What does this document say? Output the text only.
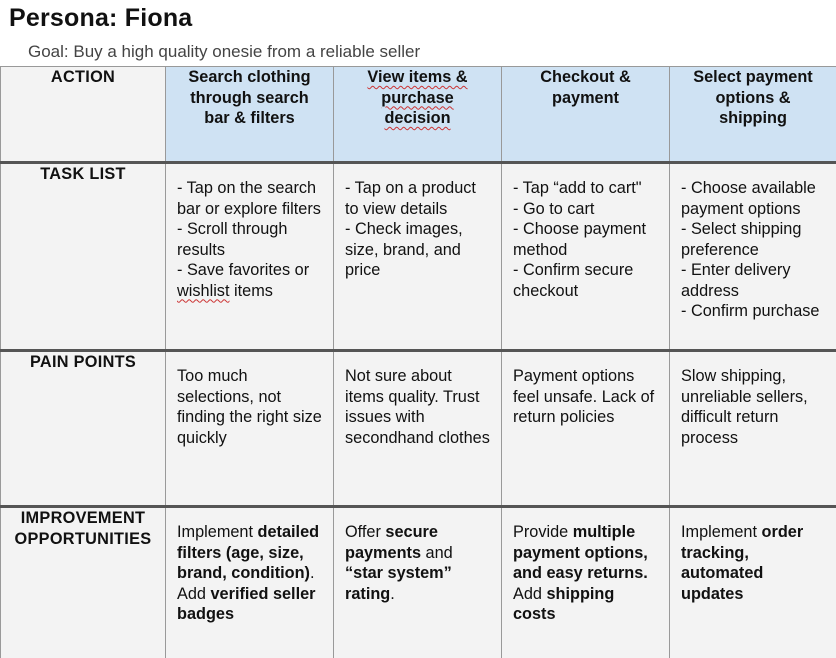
Persona: Fiona
Goal: Buy a high quality onesie from a reliable seller
ACTION	Search clothing
through search
bar & filters	View items &
purchase
decision	Checkout &
payment	Select payment
options &
shipping

TASK LIST	- Tap on the search bar or explore filters
- Scroll through results
- Save favorites or wishlist items	- Tap on a product to view details
- Check images, size, brand, and price	- Tap “add to cart"
- Go to cart
- Choose payment method
- Confirm secure checkout	- Choose available payment options
- Select shipping preference
- Enter delivery address
- Confirm purchase

PAIN POINTS	Too much selections, not finding the right size quickly	Not sure about items quality. Trust issues with secondhand clothes	Payment options feel unsafe. Lack of return policies	Slow shipping, unreliable sellers, difficult return process

IMPROVEMENT
OPPORTUNITIES	Implement detailed filters (age, size, brand, condition). Add verified seller badges	Offer secure payments and “star system” rating.	Provide multiple payment options, and easy returns. Add shipping costs	Implement order tracking, automated updates
